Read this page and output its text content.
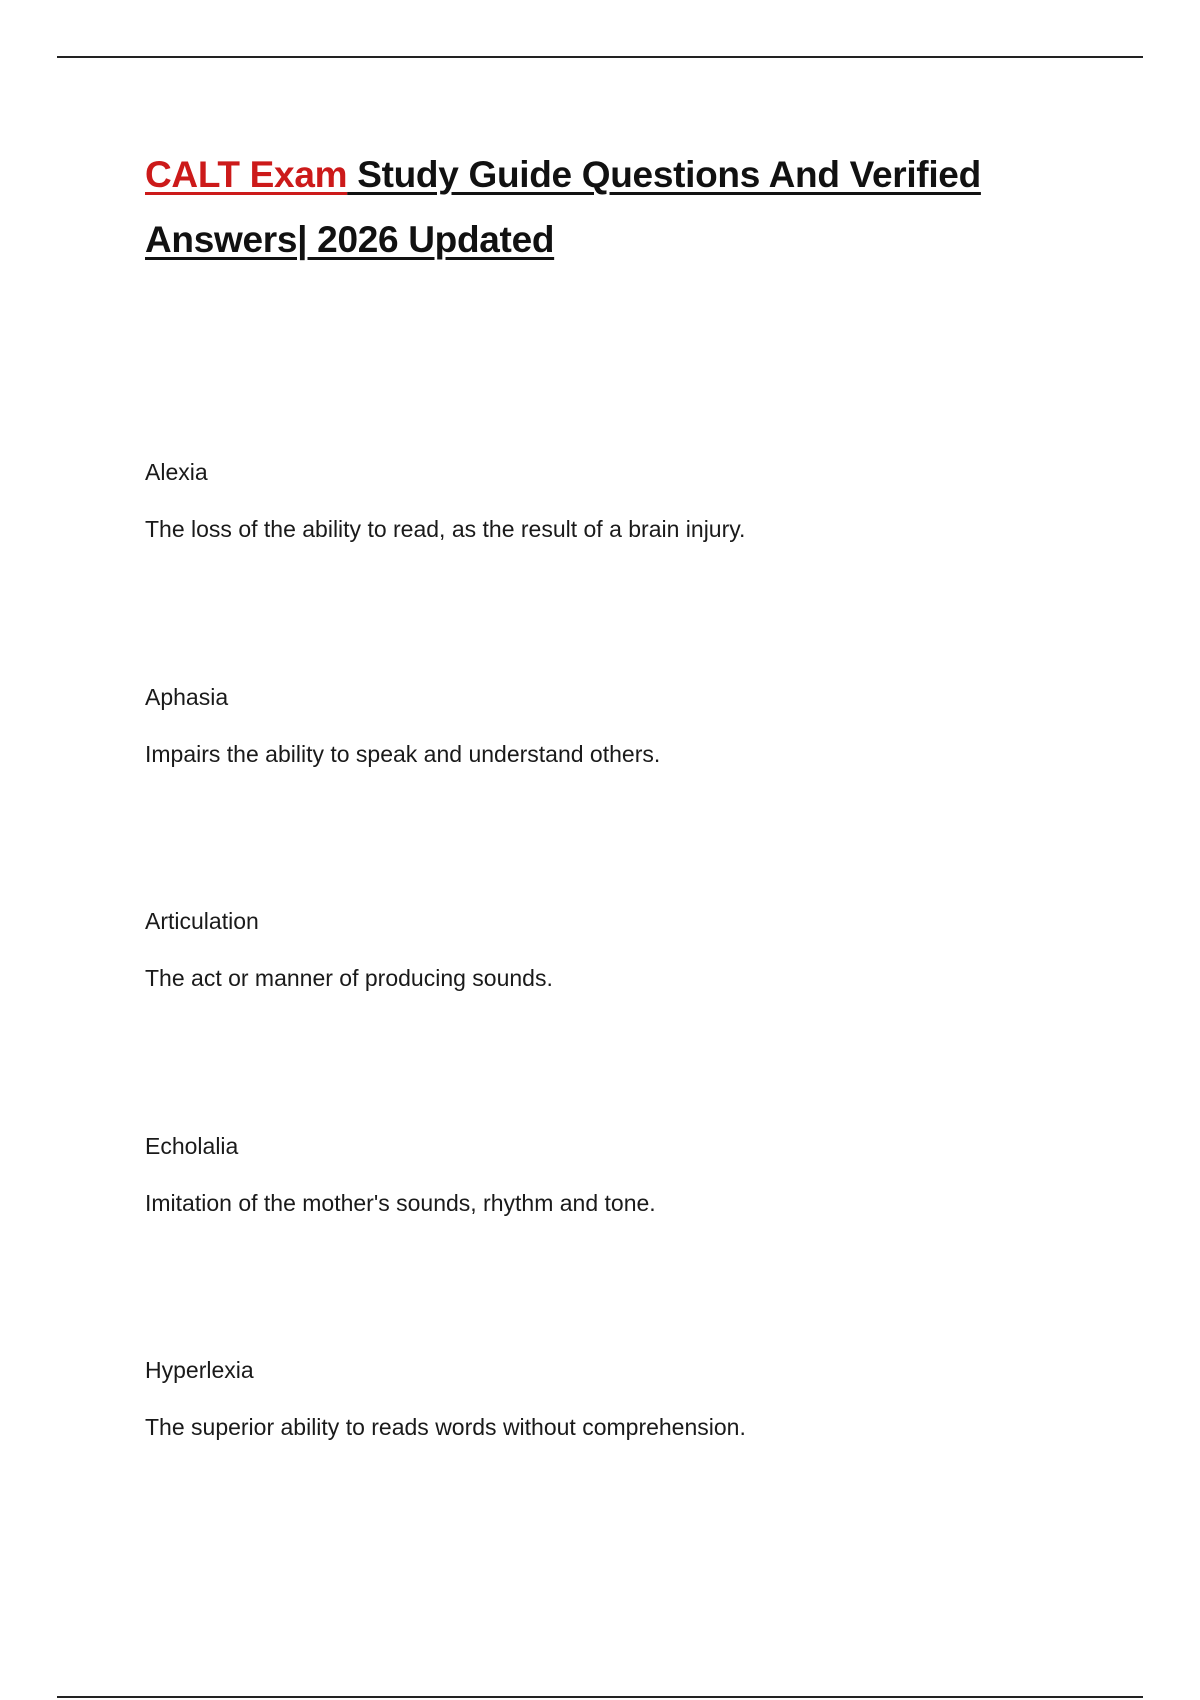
CALT Exam Study Guide Questions And Verified Answers| 2026 Updated

Alexia

The loss of the ability to read, as the result of a brain injury.

Aphasia

Impairs the ability to speak and understand others.

Articulation

The act or manner of producing sounds.

Echolalia

Imitation of the mother's sounds, rhythm and tone.

Hyperlexia

The superior ability to reads words without comprehension.
